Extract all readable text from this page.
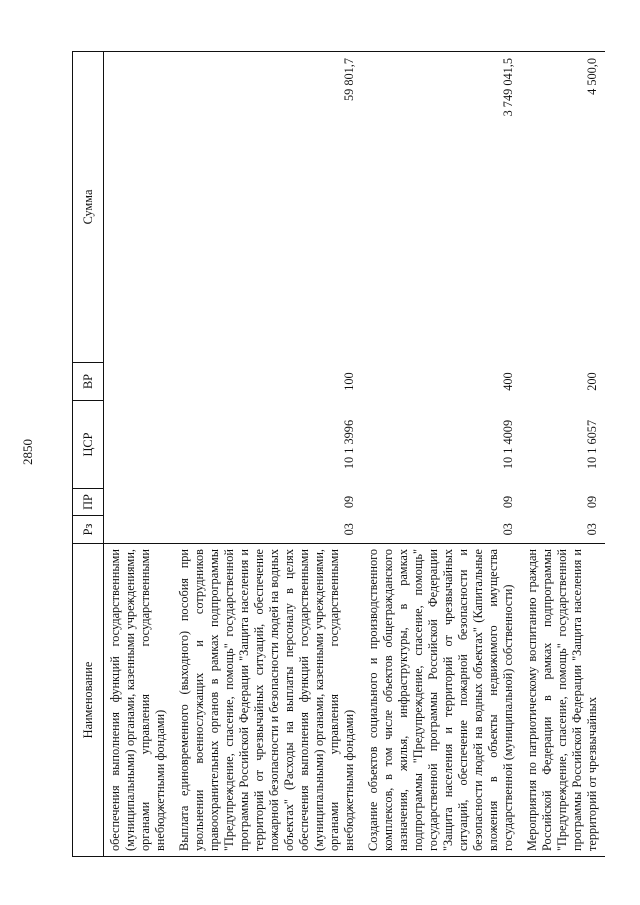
2850
Наименование	Рз	ПР	ЦСР	ВР	Сумма
обеспечения выполнения функций государственными (муниципальными) органами, казенными учреждениями, органами управления государственными внебюджетными фондами)					
Выплата единовременного (выходного) пособия при увольнении военнослужащих и сотрудников правоохранительных органов в рамках подпрограммы "Предупреждение, спасение, помощь" государственной программы Российской Федерации "Защита населения и территорий от чрезвычайных ситуаций, обеспечение пожарной безопасности и безопасности людей на водных объектах" (Расходы на выплаты персоналу в целях обеспечения выполнения функций государственными (муниципальными) органами, казенными учреждениями, органами управления государственными внебюджетными фондами)	03	09	10 1 3996	100	59 801,7
Создание объектов социального и производственного комплексов, в том числе объектов общегражданского назначения, жилья, инфраструктуры, в рамках подпрограммы "Предупреждение, спасение, помощь" государственной программы Российской Федерации "Защита населения и территорий от чрезвычайных ситуаций, обеспечение пожарной безопасности и безопасности людей на водных объектах" (Капитальные вложения в объекты недвижимого имущества государственной (муниципальной) собственности)	03	09	10 1 4009	400	3 749 041,5
Мероприятия по патриотическому воспитанию граждан Российской Федерации в рамках подпрограммы "Предупреждение, спасение, помощь" государственной программы Российской Федерации "Защита населения и территорий от чрезвычайных	03	09	10 1 6057	200	4 500,0
